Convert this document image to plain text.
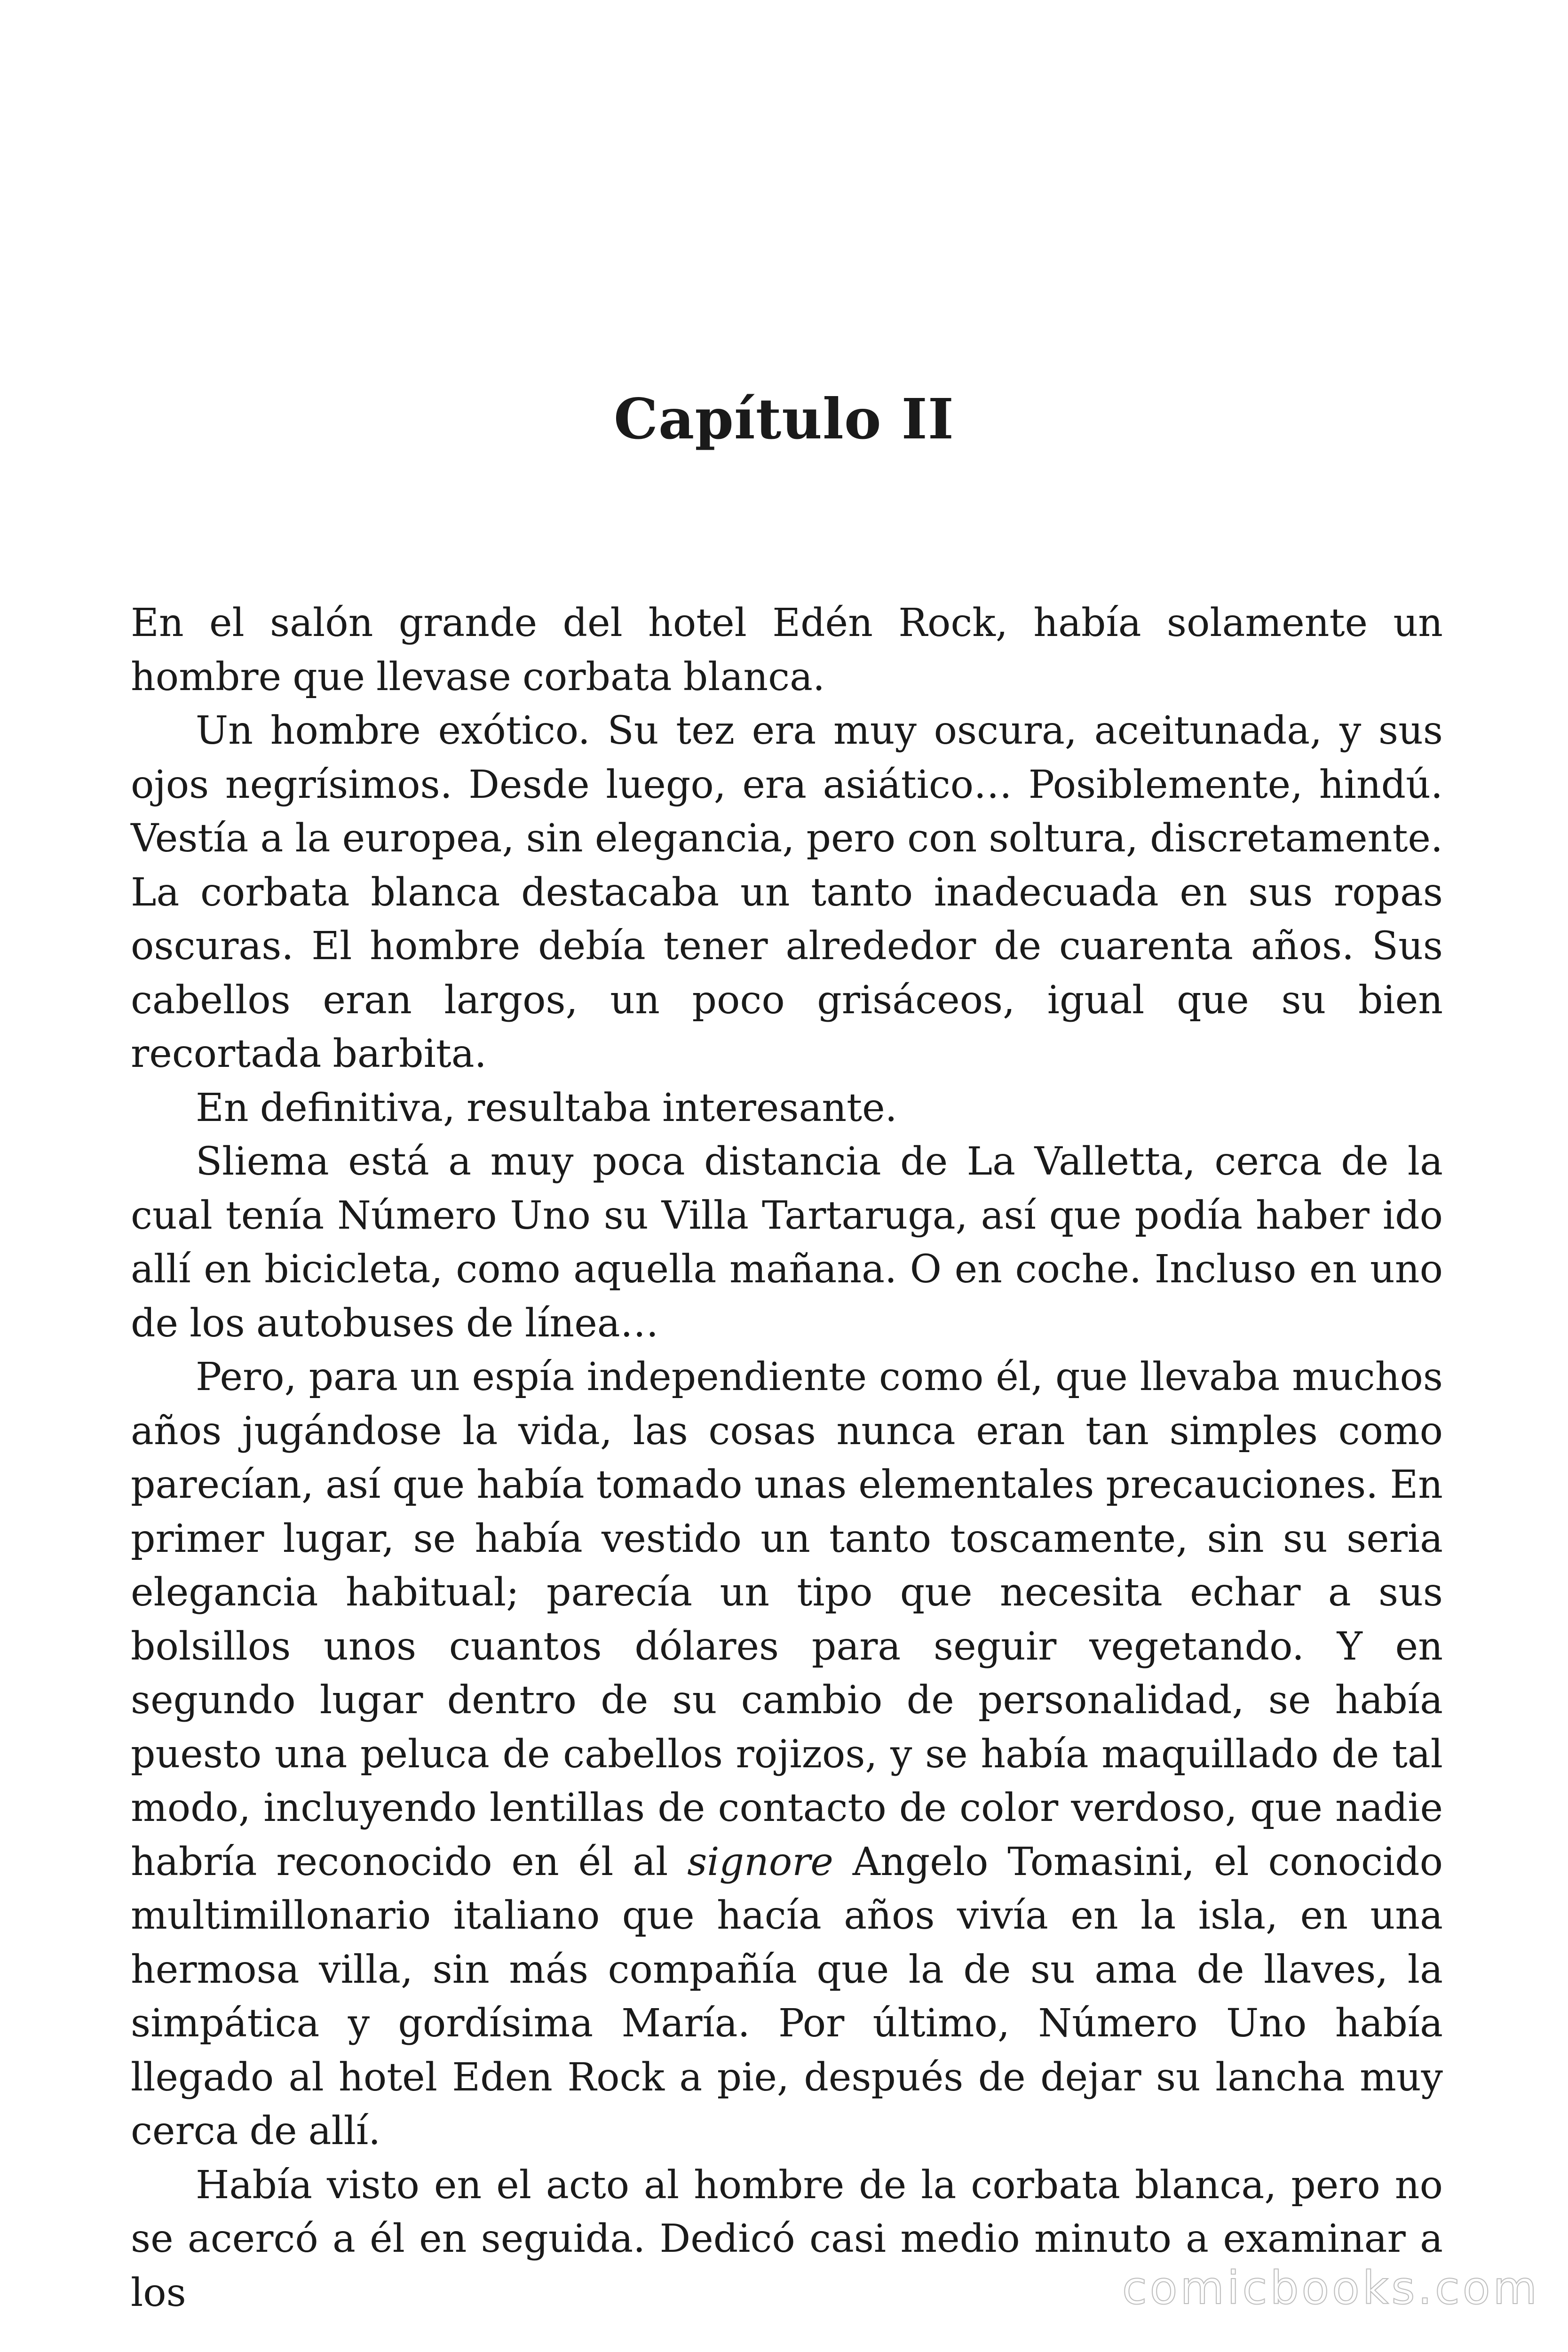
Capítulo II

En el salón grande del hotel Edén Rock, había solamente un hombre que llevase corbata blanca.

Un hombre exótico. Su tez era muy oscura, aceitunada, y sus ojos negrísimos. Desde luego, era asiático… Posiblemente, hindú. Vestía a la europea, sin elegancia, pero con soltura, discretamente. La corbata blanca destacaba un tanto inadecuada en sus ropas oscuras. El hombre debía tener alrededor de cuarenta años. Sus cabellos eran largos, un poco grisáceos, igual que su bien recortada barbita.

En definitiva, resultaba interesante.

Sliema está a muy poca distancia de La Valletta, cerca de la cual tenía Número Uno su Villa Tartaruga, así que podía haber ido allí en bicicleta, como aquella mañana. O en coche. Incluso en uno de los autobuses de línea…

Pero, para un espía independiente como él, que llevaba muchos años jugándose la vida, las cosas nunca eran tan simples como parecían, así que había tomado unas elementales precauciones. En primer lugar, se había vestido un tanto toscamente, sin su seria elegancia habitual; parecía un tipo que necesita echar a sus bolsillos unos cuantos dólares para seguir vegetando. Y en segundo lugar dentro de su cambio de personalidad, se había puesto una peluca de cabellos rojizos, y se había maquillado de tal modo, incluyendo lentillas de contacto de color verdoso, que nadie habría reconocido en él al signore Angelo Tomasini, el conocido multimillonario italiano que hacía años vivía en la isla, en una hermosa villa, sin más compañía que la de su ama de llaves, la simpática y gordísima María. Por último, Número Uno había llegado al hotel Eden Rock a pie, después de dejar su lancha muy cerca de allí.

Había visto en el acto al hombre de la corbata blanca, pero no se acercó a él en seguida. Dedicó casi medio minuto a examinar a los	comicbooks.com
